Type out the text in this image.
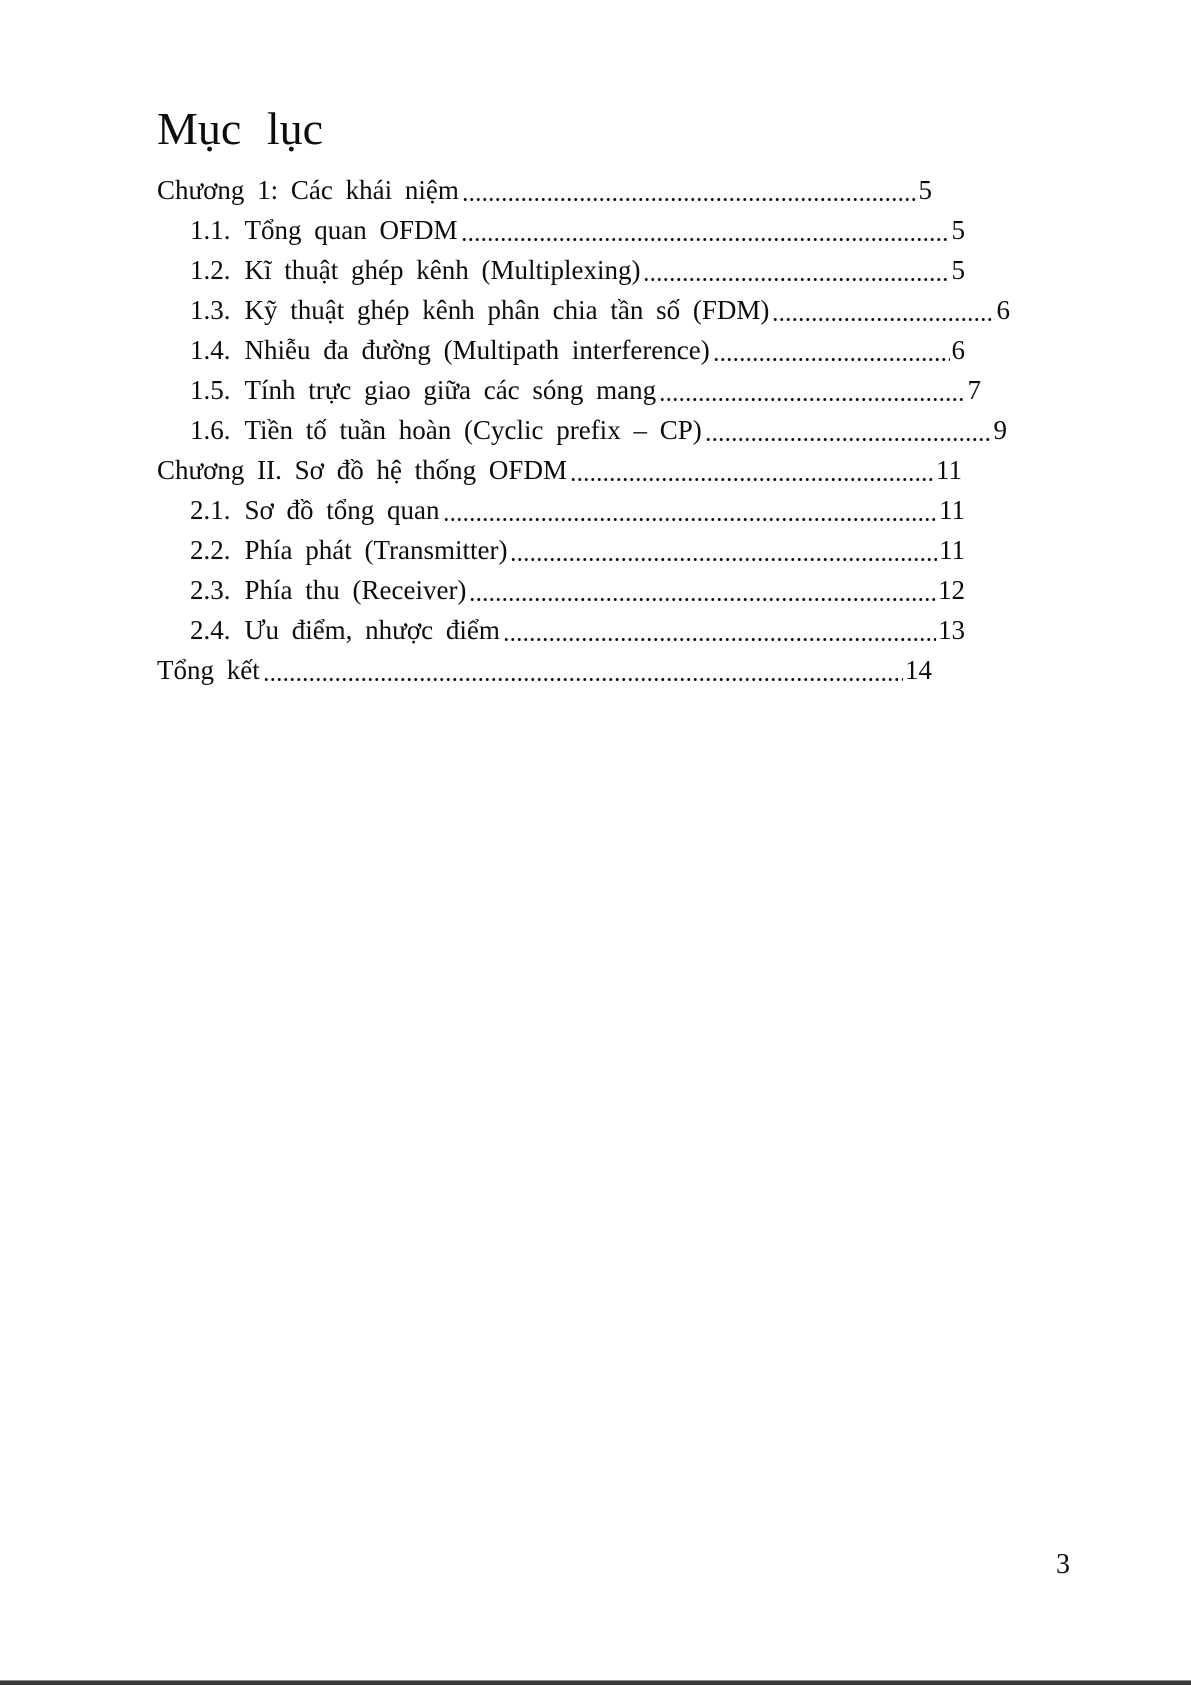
Mục lục
Chương 1: Các khái niệm	5
1.1. Tổng quan OFDM	5
1.2. Kĩ thuật ghép kênh (Multiplexing)	5
1.3. Kỹ thuật ghép kênh phân chia tần số (FDM)	6
1.4. Nhiễu đa đường (Multipath interference)	6
1.5. Tính trực giao giữa các sóng mang	7
1.6. Tiền tố tuần hoàn (Cyclic prefix – CP)	9
Chương II. Sơ đồ hệ thống OFDM	11
2.1. Sơ đồ tổng quan	11
2.2. Phía phát (Transmitter)	11
2.3. Phía thu (Receiver)	12
2.4. Ưu điểm, nhược điểm	13
Tổng kết	14
3
